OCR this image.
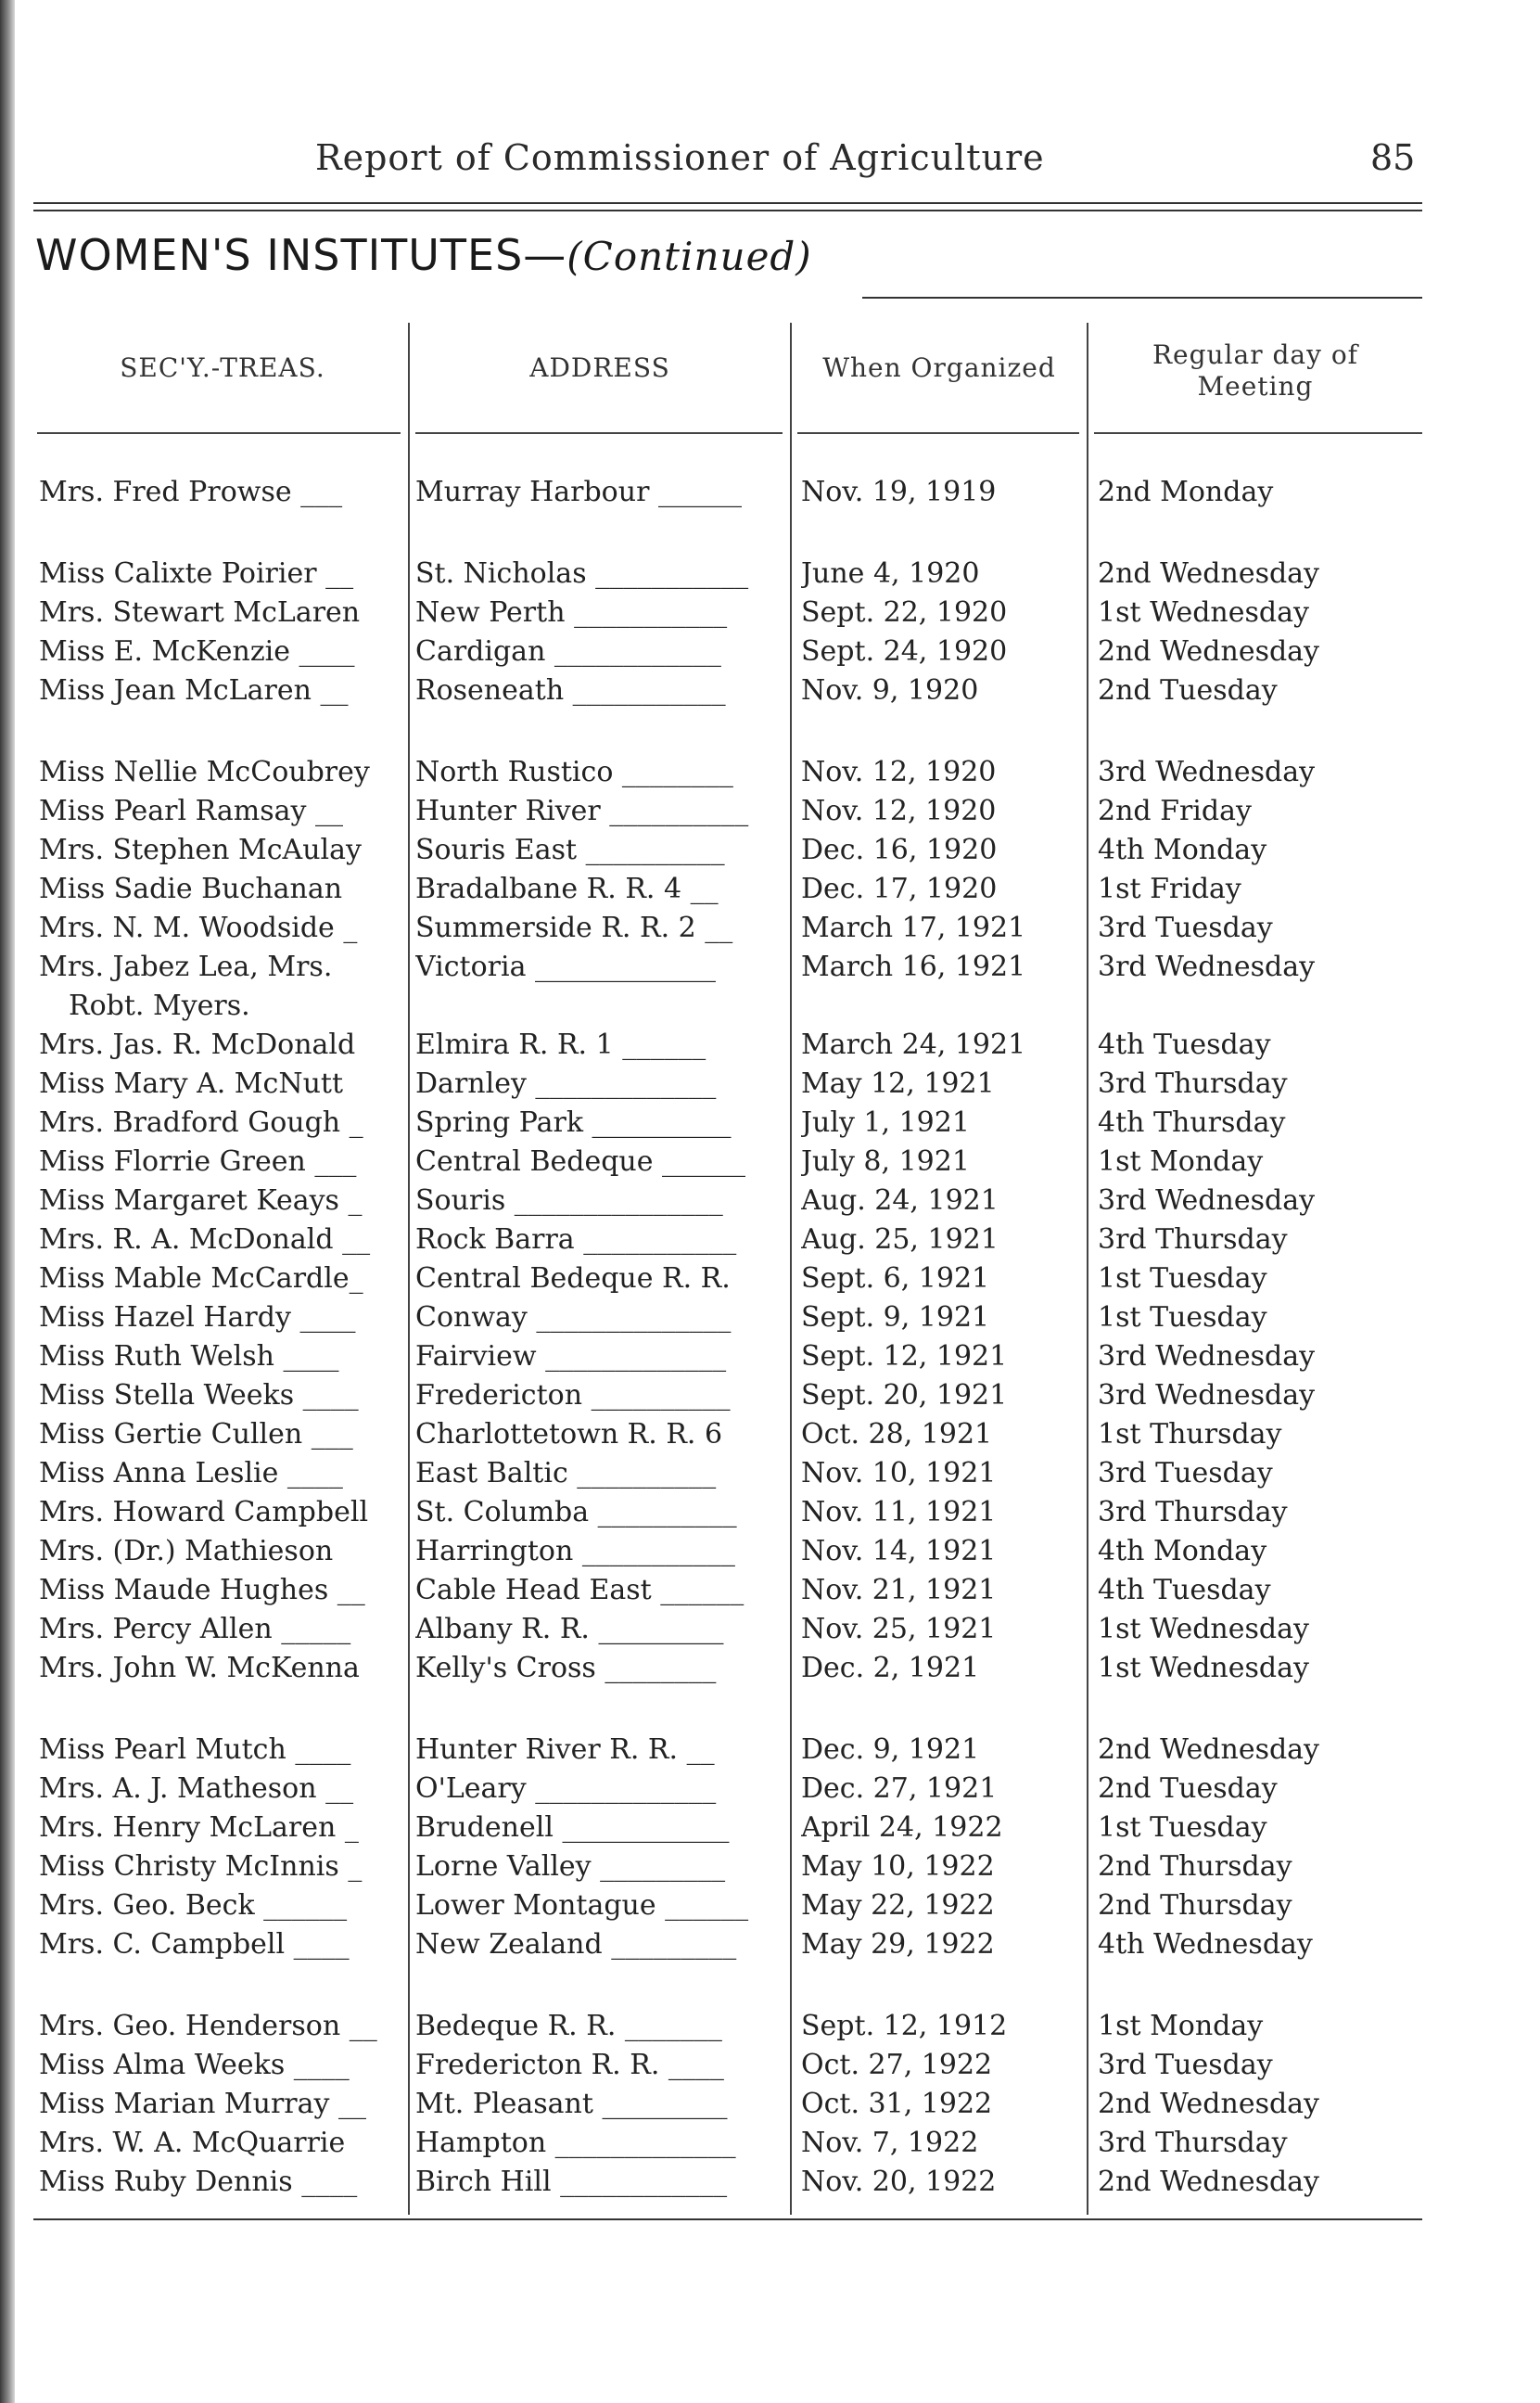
Report of Commissioner of Agriculture	85
WOMEN'S INSTITUTES—(Continued)
SEC'Y.-TREAS.	ADDRESS	When Organized	Regular day of
Meeting
Mrs. Fred Prowse ___	Murray Harbour ______	Nov. 19, 1919	2nd Monday
Miss Calixte Poirier __	St. Nicholas ___________	June 4, 1920	2nd Wednesday
Mrs. Stewart McLaren	New Perth ___________	Sept. 22, 1920	1st Wednesday
Miss E. McKenzie ____	Cardigan ____________	Sept. 24, 1920	2nd Wednesday
Miss Jean McLaren __	Roseneath ___________	Nov. 9, 1920	2nd Tuesday
Miss Nellie McCoubrey	North Rustico ________	Nov. 12, 1920	3rd Wednesday
Miss Pearl Ramsay __	Hunter River __________	Nov. 12, 1920	2nd Friday
Mrs. Stephen McAulay	Souris East __________	Dec. 16, 1920	4th Monday
Miss Sadie Buchanan	Bradalbane R. R. 4 __	Dec. 17, 1920	1st Friday
Mrs. N. M. Woodside _	Summerside R. R. 2 __	March 17, 1921	3rd Tuesday
Mrs. Jabez Lea, Mrs.	Victoria _____________	March 16, 1921	3rd Wednesday
Robt. Myers.
Mrs. Jas. R. McDonald	Elmira R. R. 1 ______	March 24, 1921	4th Tuesday
Miss Mary A. McNutt	Darnley _____________	May 12, 1921	3rd Thursday
Mrs. Bradford Gough _	Spring Park __________	July 1, 1921	4th Thursday
Miss Florrie Green ___	Central Bedeque ______	July 8, 1921	1st Monday
Miss Margaret Keays _	Souris _______________	Aug. 24, 1921	3rd Wednesday
Mrs. R. A. McDonald __	Rock Barra ___________	Aug. 25, 1921	3rd Thursday
Miss Mable McCardle_	Central Bedeque R. R.	Sept. 6, 1921	1st Tuesday
Miss Hazel Hardy ____	Conway ______________	Sept. 9, 1921	1st Tuesday
Miss Ruth Welsh ____	Fairview _____________	Sept. 12, 1921	3rd Wednesday
Miss Stella Weeks ____	Fredericton __________	Sept. 20, 1921	3rd Wednesday
Miss Gertie Cullen ___	Charlottetown R. R. 6	Oct. 28, 1921	1st Thursday
Miss Anna Leslie ____	East Baltic __________	Nov. 10, 1921	3rd Tuesday
Mrs. Howard Campbell	St. Columba __________	Nov. 11, 1921	3rd Thursday
Mrs. (Dr.) Mathieson	Harrington ___________	Nov. 14, 1921	4th Monday
Miss Maude Hughes __	Cable Head East ______	Nov. 21, 1921	4th Tuesday
Mrs. Percy Allen _____	Albany R. R. _________	Nov. 25, 1921	1st Wednesday
Mrs. John W. McKenna	Kelly's Cross ________	Dec. 2, 1921	1st Wednesday
Miss Pearl Mutch ____	Hunter River R. R. __	Dec. 9, 1921	2nd Wednesday
Mrs. A. J. Matheson __	O'Leary _____________	Dec. 27, 1921	2nd Tuesday
Mrs. Henry McLaren _	Brudenell ____________	April 24, 1922	1st Tuesday
Miss Christy McInnis _	Lorne Valley _________	May 10, 1922	2nd Thursday
Mrs. Geo. Beck ______	Lower Montague ______	May 22, 1922	2nd Thursday
Mrs. C. Campbell ____	New Zealand _________	May 29, 1922	4th Wednesday
Mrs. Geo. Henderson __	Bedeque R. R. _______	Sept. 12, 1912	1st Monday
Miss Alma Weeks ____	Fredericton R. R. ____	Oct. 27, 1922	3rd Tuesday
Miss Marian Murray __	Mt. Pleasant _________	Oct. 31, 1922	2nd Wednesday
Mrs. W. A. McQuarrie	Hampton _____________	Nov. 7, 1922	3rd Thursday
Miss Ruby Dennis ____	Birch Hill ____________	Nov. 20, 1922	2nd Wednesday
